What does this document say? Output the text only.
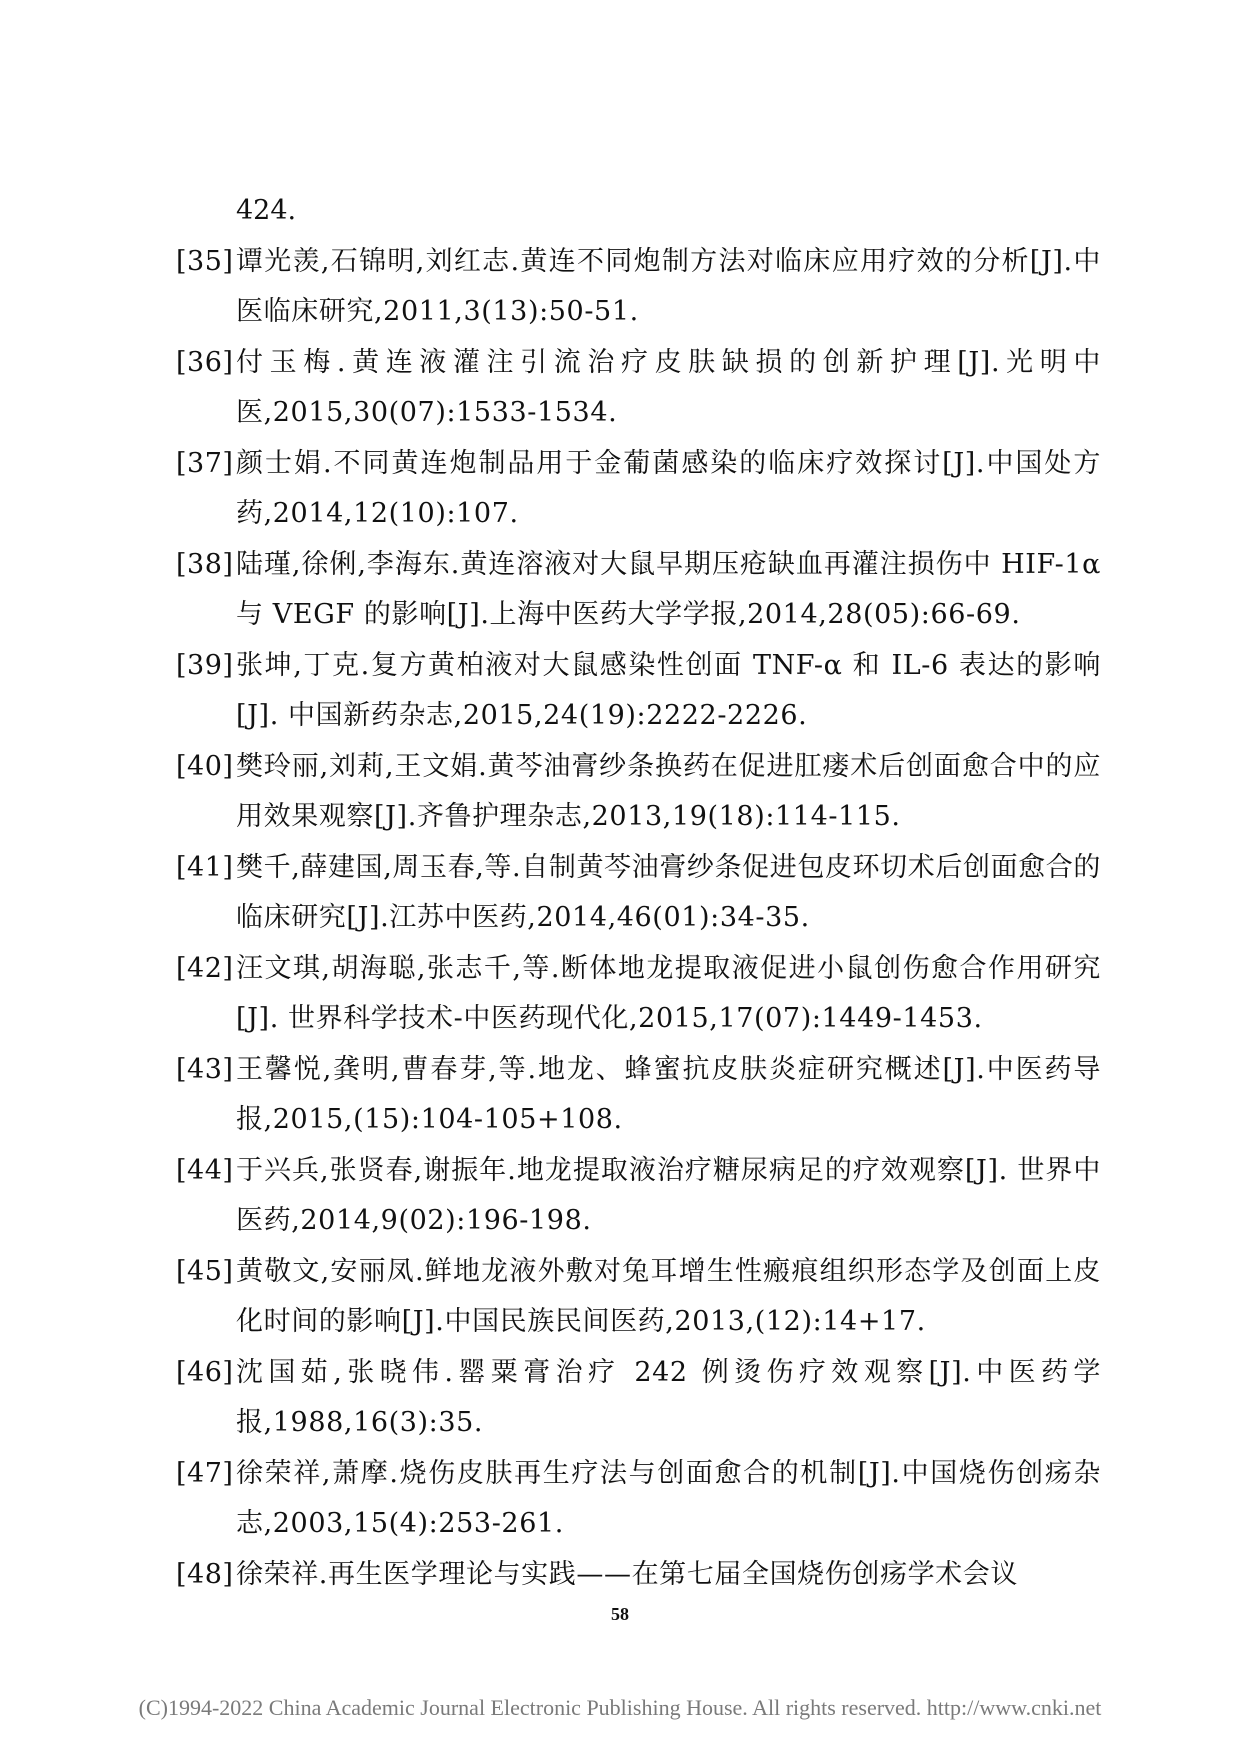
424.
[35] 谭光羡,石锦明,刘红志.黄连不同炮制方法对临床应用疗效的分析[J].中医临床研究,2011,3(13):50-51.
[36] 付玉梅.黄连液灌注引流治疗皮肤缺损的创新护理[J].光明中医,2015,30(07):1533-1534.
[37] 颜士娟.不同黄连炮制品用于金葡菌感染的临床疗效探讨[J].中国处方药,2014,12(10):107.
[38] 陆瑾,徐俐,李海东.黄连溶液对大鼠早期压疮缺血再灌注损伤中 HIF-1α 与 VEGF 的影响[J].上海中医药大学学报,2014,28(05):66-69.
[39] 张坤,丁克.复方黄柏液对大鼠感染性创面 TNF-α 和 IL-6 表达的影响[J]. 中国新药杂志,2015,24(19):2222-2226.
[40] 樊玲丽,刘莉,王文娟.黄芩油膏纱条换药在促进肛瘘术后创面愈合中的应用效果观察[J].齐鲁护理杂志,2013,19(18):114-115.
[41] 樊千,薛建国,周玉春,等.自制黄芩油膏纱条促进包皮环切术后创面愈合的临床研究[J].江苏中医药,2014,46(01):34-35.
[42] 汪文琪,胡海聪,张志千,等.断体地龙提取液促进小鼠创伤愈合作用研究[J]. 世界科学技术-中医药现代化,2015,17(07):1449-1453.
[43] 王馨悦,龚明,曹春芽,等.地龙、蜂蜜抗皮肤炎症研究概述[J].中医药导报,2015,(15):104-105+108.
[44] 于兴兵,张贤春,谢振年.地龙提取液治疗糖尿病足的疗效观察[J]. 世界中医药,2014,9(02):196-198.
[45] 黄敬文,安丽凤.鲜地龙液外敷对兔耳增生性瘢痕组织形态学及创面上皮化时间的影响[J].中国民族民间医药,2013,(12):14+17.
[46] 沈国茹,张晓伟.罂粟膏治疗 242 例烫伤疗效观察[J].中医药学报,1988,16(3):35.
[47] 徐荣祥,萧摩.烧伤皮肤再生疗法与创面愈合的机制[J].中国烧伤创疡杂志,2003,15(4):253-261.
[48] 徐荣祥.再生医学理论与实践——在第七届全国烧伤创疡学术会议
58
(C)1994-2022 China Academic Journal Electronic Publishing House. All rights reserved. http://www.cnki.net
